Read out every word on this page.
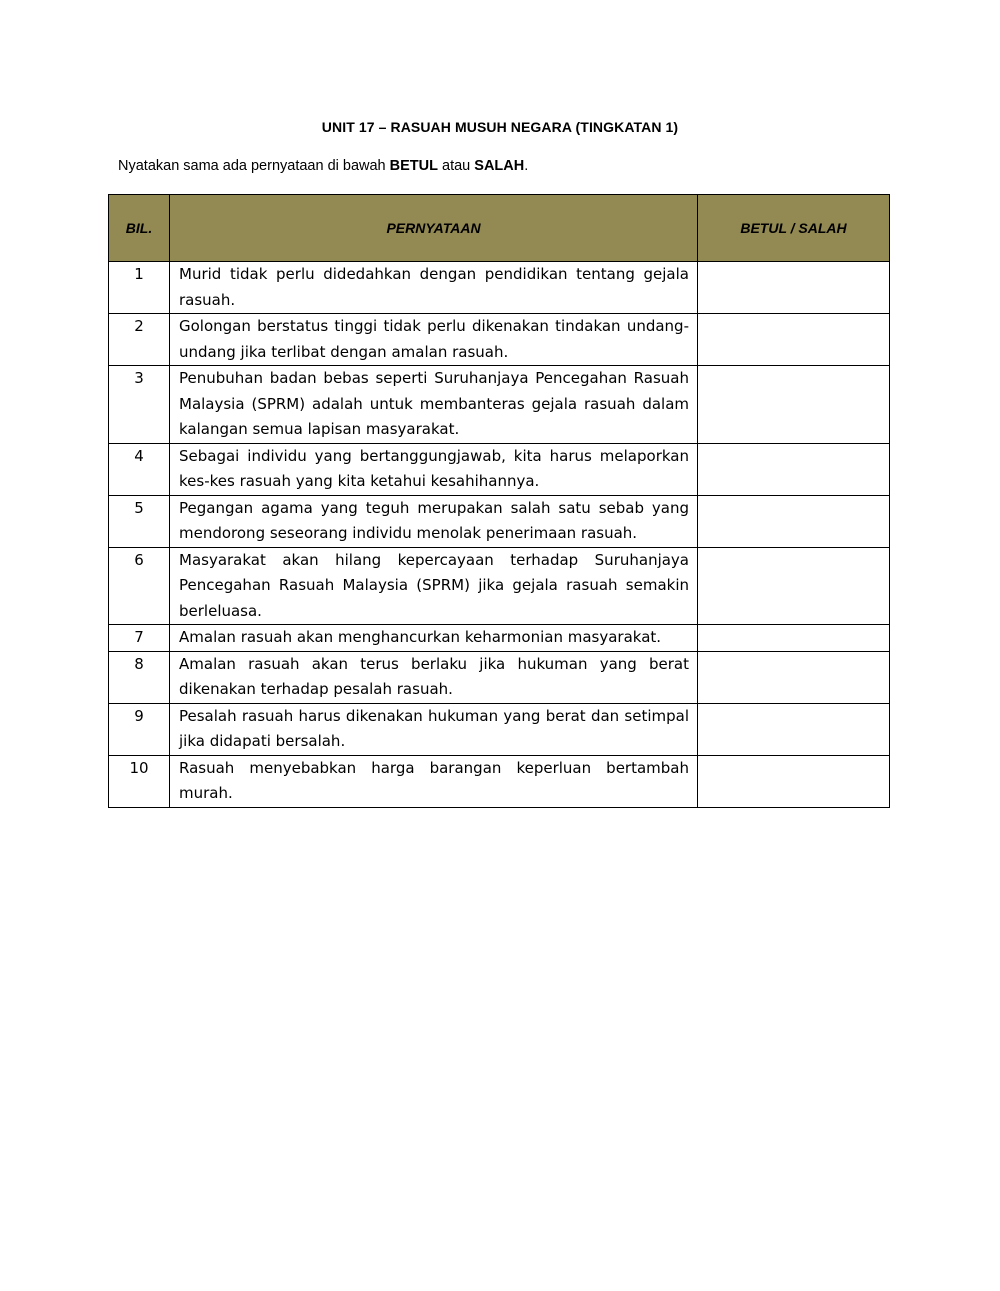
UNIT 17 – RASUAH MUSUH NEGARA (TINGKATAN 1)
Nyatakan sama ada pernyataan di bawah BETUL atau SALAH.
BIL.	PERNYATAAN	BETUL / SALAH
1	Murid tidak perlu didedahkan dengan pendidikan tentang gejala rasuah.	
2	Golongan berstatus tinggi tidak perlu dikenakan tindakan undang-undang jika terlibat dengan amalan rasuah.	
3	Penubuhan badan bebas seperti Suruhanjaya Pencegahan Rasuah Malaysia (SPRM) adalah untuk membanteras gejala rasuah dalam kalangan semua lapisan masyarakat.	
4	Sebagai individu yang bertanggungjawab, kita harus melaporkan kes-kes rasuah yang kita ketahui kesahihannya.	
5	Pegangan agama yang teguh merupakan salah satu sebab yang mendorong seseorang individu menolak penerimaan rasuah.	
6	Masyarakat akan hilang kepercayaan terhadap Suruhanjaya Pencegahan Rasuah Malaysia (SPRM) jika gejala rasuah semakin berleluasa.	
7	Amalan rasuah akan menghancurkan keharmonian masyarakat.	
8	Amalan rasuah akan terus berlaku jika hukuman yang berat dikenakan terhadap pesalah rasuah.	
9	Pesalah rasuah harus dikenakan hukuman yang berat dan setimpal jika didapati bersalah.	
10	Rasuah menyebabkan harga barangan keperluan bertambah murah.	
